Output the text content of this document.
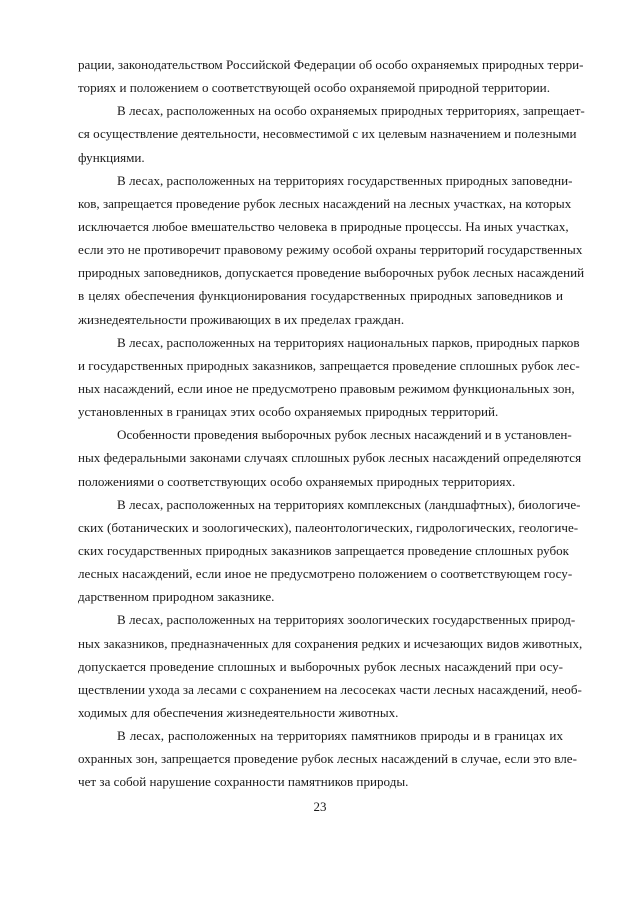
рации, законодательством Российской Федерации об особо охраняемых природных терри-
ториях и положением о соответствующей особо охраняемой природной территории.
В лесах, расположенных на особо охраняемых природных территориях, запрещает-
ся осуществление деятельности, несовместимой с их целевым назначением и полезными
функциями.
В лесах, расположенных на территориях государственных природных заповедни-
ков, запрещается проведение рубок лесных насаждений на лесных участках, на которых
исключается любое вмешательство человека в природные процессы. На иных участках,
если это не противоречит правовому режиму особой охраны территорий государственных
природных заповедников, допускается проведение выборочных рубок лесных насаждений
в целях обеспечения функционирования государственных природных заповедников и
жизнедеятельности проживающих в их пределах граждан.
В лесах, расположенных на территориях национальных парков, природных парков
и государственных природных заказников, запрещается проведение сплошных рубок лес-
ных насаждений, если иное не предусмотрено правовым режимом функциональных зон,
установленных в границах этих особо охраняемых природных территорий.
Особенности проведения выборочных рубок лесных насаждений и в установлен-
ных федеральными законами случаях сплошных рубок лесных насаждений определяются
положениями о соответствующих особо охраняемых природных территориях.
В лесах, расположенных на территориях комплексных (ландшафтных), биологиче-
ских (ботанических и зоологических), палеонтологических, гидрологических, геологиче-
ских государственных природных заказников запрещается проведение сплошных рубок
лесных насаждений, если иное не предусмотрено положением о соответствующем госу-
дарственном природном заказнике.
В лесах, расположенных на территориях зоологических государственных природ-
ных заказников, предназначенных для сохранения редких и исчезающих видов животных,
допускается проведение сплошных и выборочных рубок лесных насаждений при осу-
ществлении ухода за лесами с сохранением на лесосеках части лесных насаждений, необ-
ходимых для обеспечения жизнедеятельности животных.
В лесах, расположенных на территориях памятников природы и в границах их
охранных зон, запрещается проведение рубок лесных насаждений в случае, если это вле-
чет за собой нарушение сохранности памятников природы.
23
